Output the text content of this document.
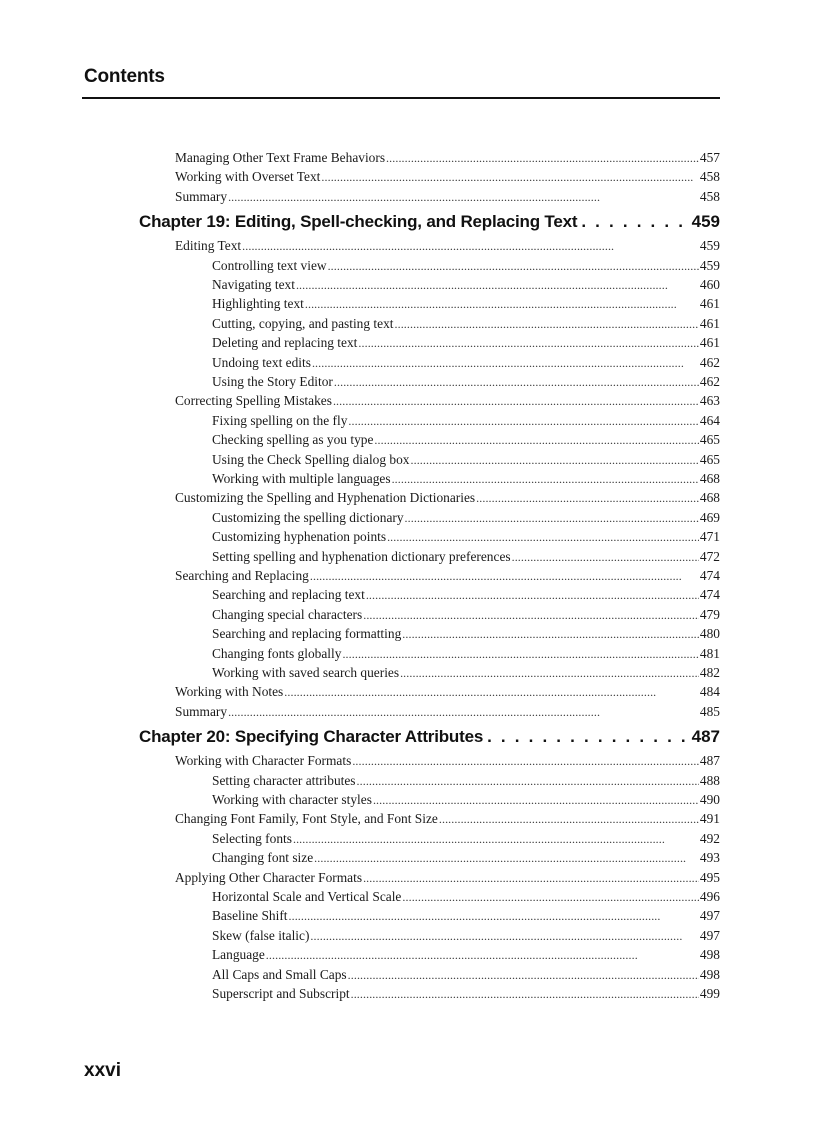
Contents
Managing Other Text Frame Behaviors . . .	457
Working with Overset Text . . .	458
Summary . . .	458
Chapter 19: Editing, Spell-checking, and Replacing Text . . .	459
Editing Text . . .	459
Controlling text view . . .	459
Navigating text . . .	460
Highlighting text . . .	461
Cutting, copying, and pasting text . . .	461
Deleting and replacing text . . .	461
Undoing text edits . . .	462
Using the Story Editor . . .	462
Correcting Spelling Mistakes . . .	463
Fixing spelling on the fly . . .	464
Checking spelling as you type . . .	465
Using the Check Spelling dialog box . . .	465
Working with multiple languages . . .	468
Customizing the Spelling and Hyphenation Dictionaries . . .	468
Customizing the spelling dictionary . . .	469
Customizing hyphenation points . . .	471
Setting spelling and hyphenation dictionary preferences . . .	472
Searching and Replacing . . .	474
Searching and replacing text . . .	474
Changing special characters . . .	479
Searching and replacing formatting . . .	480
Changing fonts globally . . .	481
Working with saved search queries . . .	482
Working with Notes . . .	484
Summary . . .	485
Chapter 20: Specifying Character Attributes . . .	487
Working with Character Formats . . .	487
Setting character attributes . . .	488
Working with character styles . . .	490
Changing Font Family, Font Style, and Font Size . . .	491
Selecting fonts . . .	492
Changing font size . . .	493
Applying Other Character Formats . . .	495
Horizontal Scale and Vertical Scale . . .	496
Baseline Shift . . .	497
Skew (false italic) . . .	497
Language . . .	498
All Caps and Small Caps . . .	498
Superscript and Subscript . . .	499
xxvi
